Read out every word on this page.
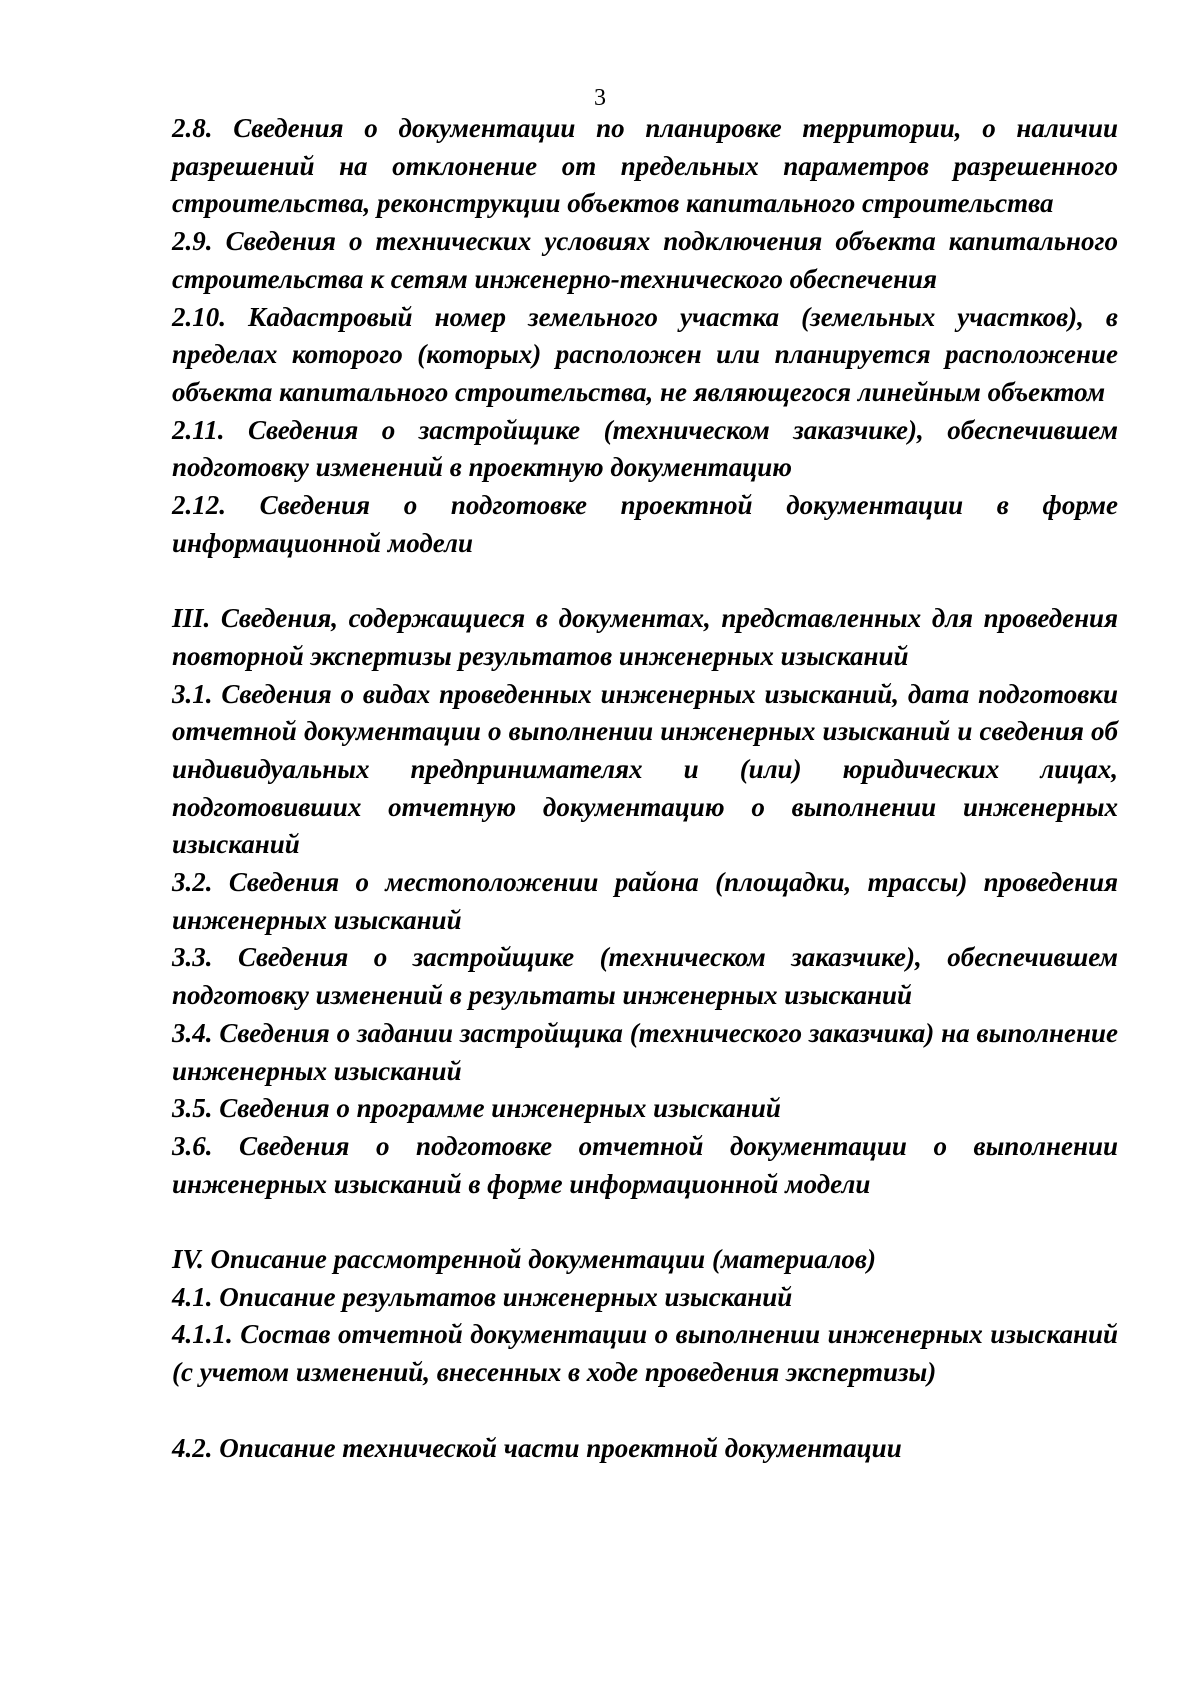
3

2.8. Сведения о документации по планировке территории, о наличии разрешений на отклонение от предельных параметров разрешенного строительства, реконструкции объектов капитального строительства

2.9. Сведения о технических условиях подключения объекта капитального строительства к сетям инженерно-технического обеспечения

2.10. Кадастровый номер земельного участка (земельных участков), в пределах которого (которых) расположен или планируется расположение объекта капитального строительства, не являющегося линейным объектом

2.11. Сведения о застройщике (техническом заказчике), обеспечившем подготовку изменений в проектную документацию

2.12. Сведения о подготовке проектной документации в форме информационной модели

III. Сведения, содержащиеся в документах, представленных для проведения повторной экспертизы результатов инженерных изысканий

3.1. Сведения о видах проведенных инженерных изысканий, дата подготовки отчетной документации о выполнении инженерных изысканий и сведения об индивидуальных предпринимателях и (или) юридических лицах, подготовивших отчетную документацию о выполнении инженерных изысканий

3.2. Сведения о местоположении района (площадки, трассы) проведения инженерных изысканий

3.3. Сведения о застройщике (техническом заказчике), обеспечившем подготовку изменений в результаты инженерных изысканий

3.4. Сведения о задании застройщика (технического заказчика) на выполнение инженерных изысканий

3.5. Сведения о программе инженерных изысканий

3.6. Сведения о подготовке отчетной документации о выполнении инженерных изысканий в форме информационной модели

IV. Описание рассмотренной документации (материалов)

4.1. Описание результатов инженерных изысканий

4.1.1. Состав отчетной документации о выполнении инженерных изысканий (с учетом изменений, внесенных в ходе проведения экспертизы)

4.2. Описание технической части проектной документации
